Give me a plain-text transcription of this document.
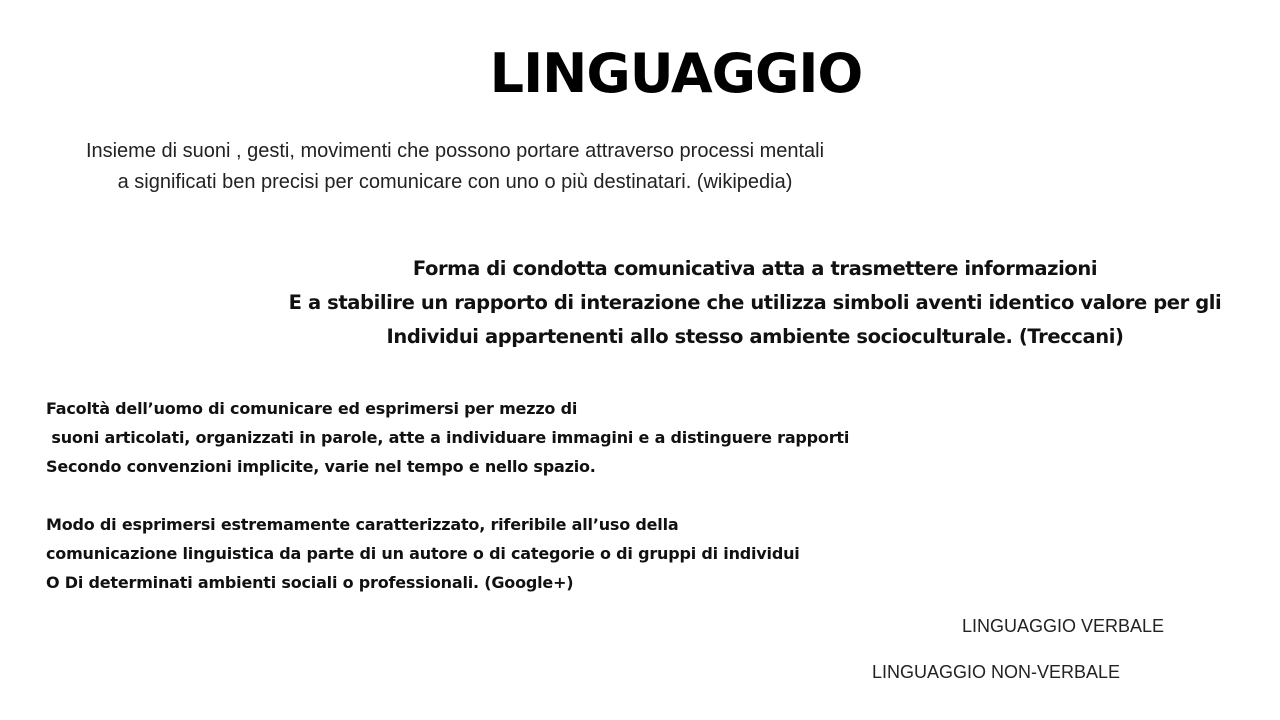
LINGUAGGIO
Insieme di suoni , gesti, movimenti che possono portare attraverso processi mentali
a significati ben precisi per comunicare con uno o più destinatari. (wikipedia)
Forma di condotta comunicativa atta a trasmettere informazioni
E a stabilire un rapporto di interazione che utilizza simboli aventi identico valore per gli
Individui appartenenti allo stesso ambiente socioculturale. (Treccani)
Facoltà dell’uomo di comunicare ed esprimersi per mezzo di
suoni articolati, organizzati in parole, atte a individuare immagini e a distinguere rapporti
Secondo convenzioni implicite, varie nel tempo e nello spazio.
Modo di esprimersi estremamente caratterizzato, riferibile all’uso della
comunicazione linguistica da parte di un autore o di categorie o di gruppi di individui
O Di determinati ambienti sociali o professionali. (Google+)
LINGUAGGIO VERBALE
LINGUAGGIO NON-VERBALE
